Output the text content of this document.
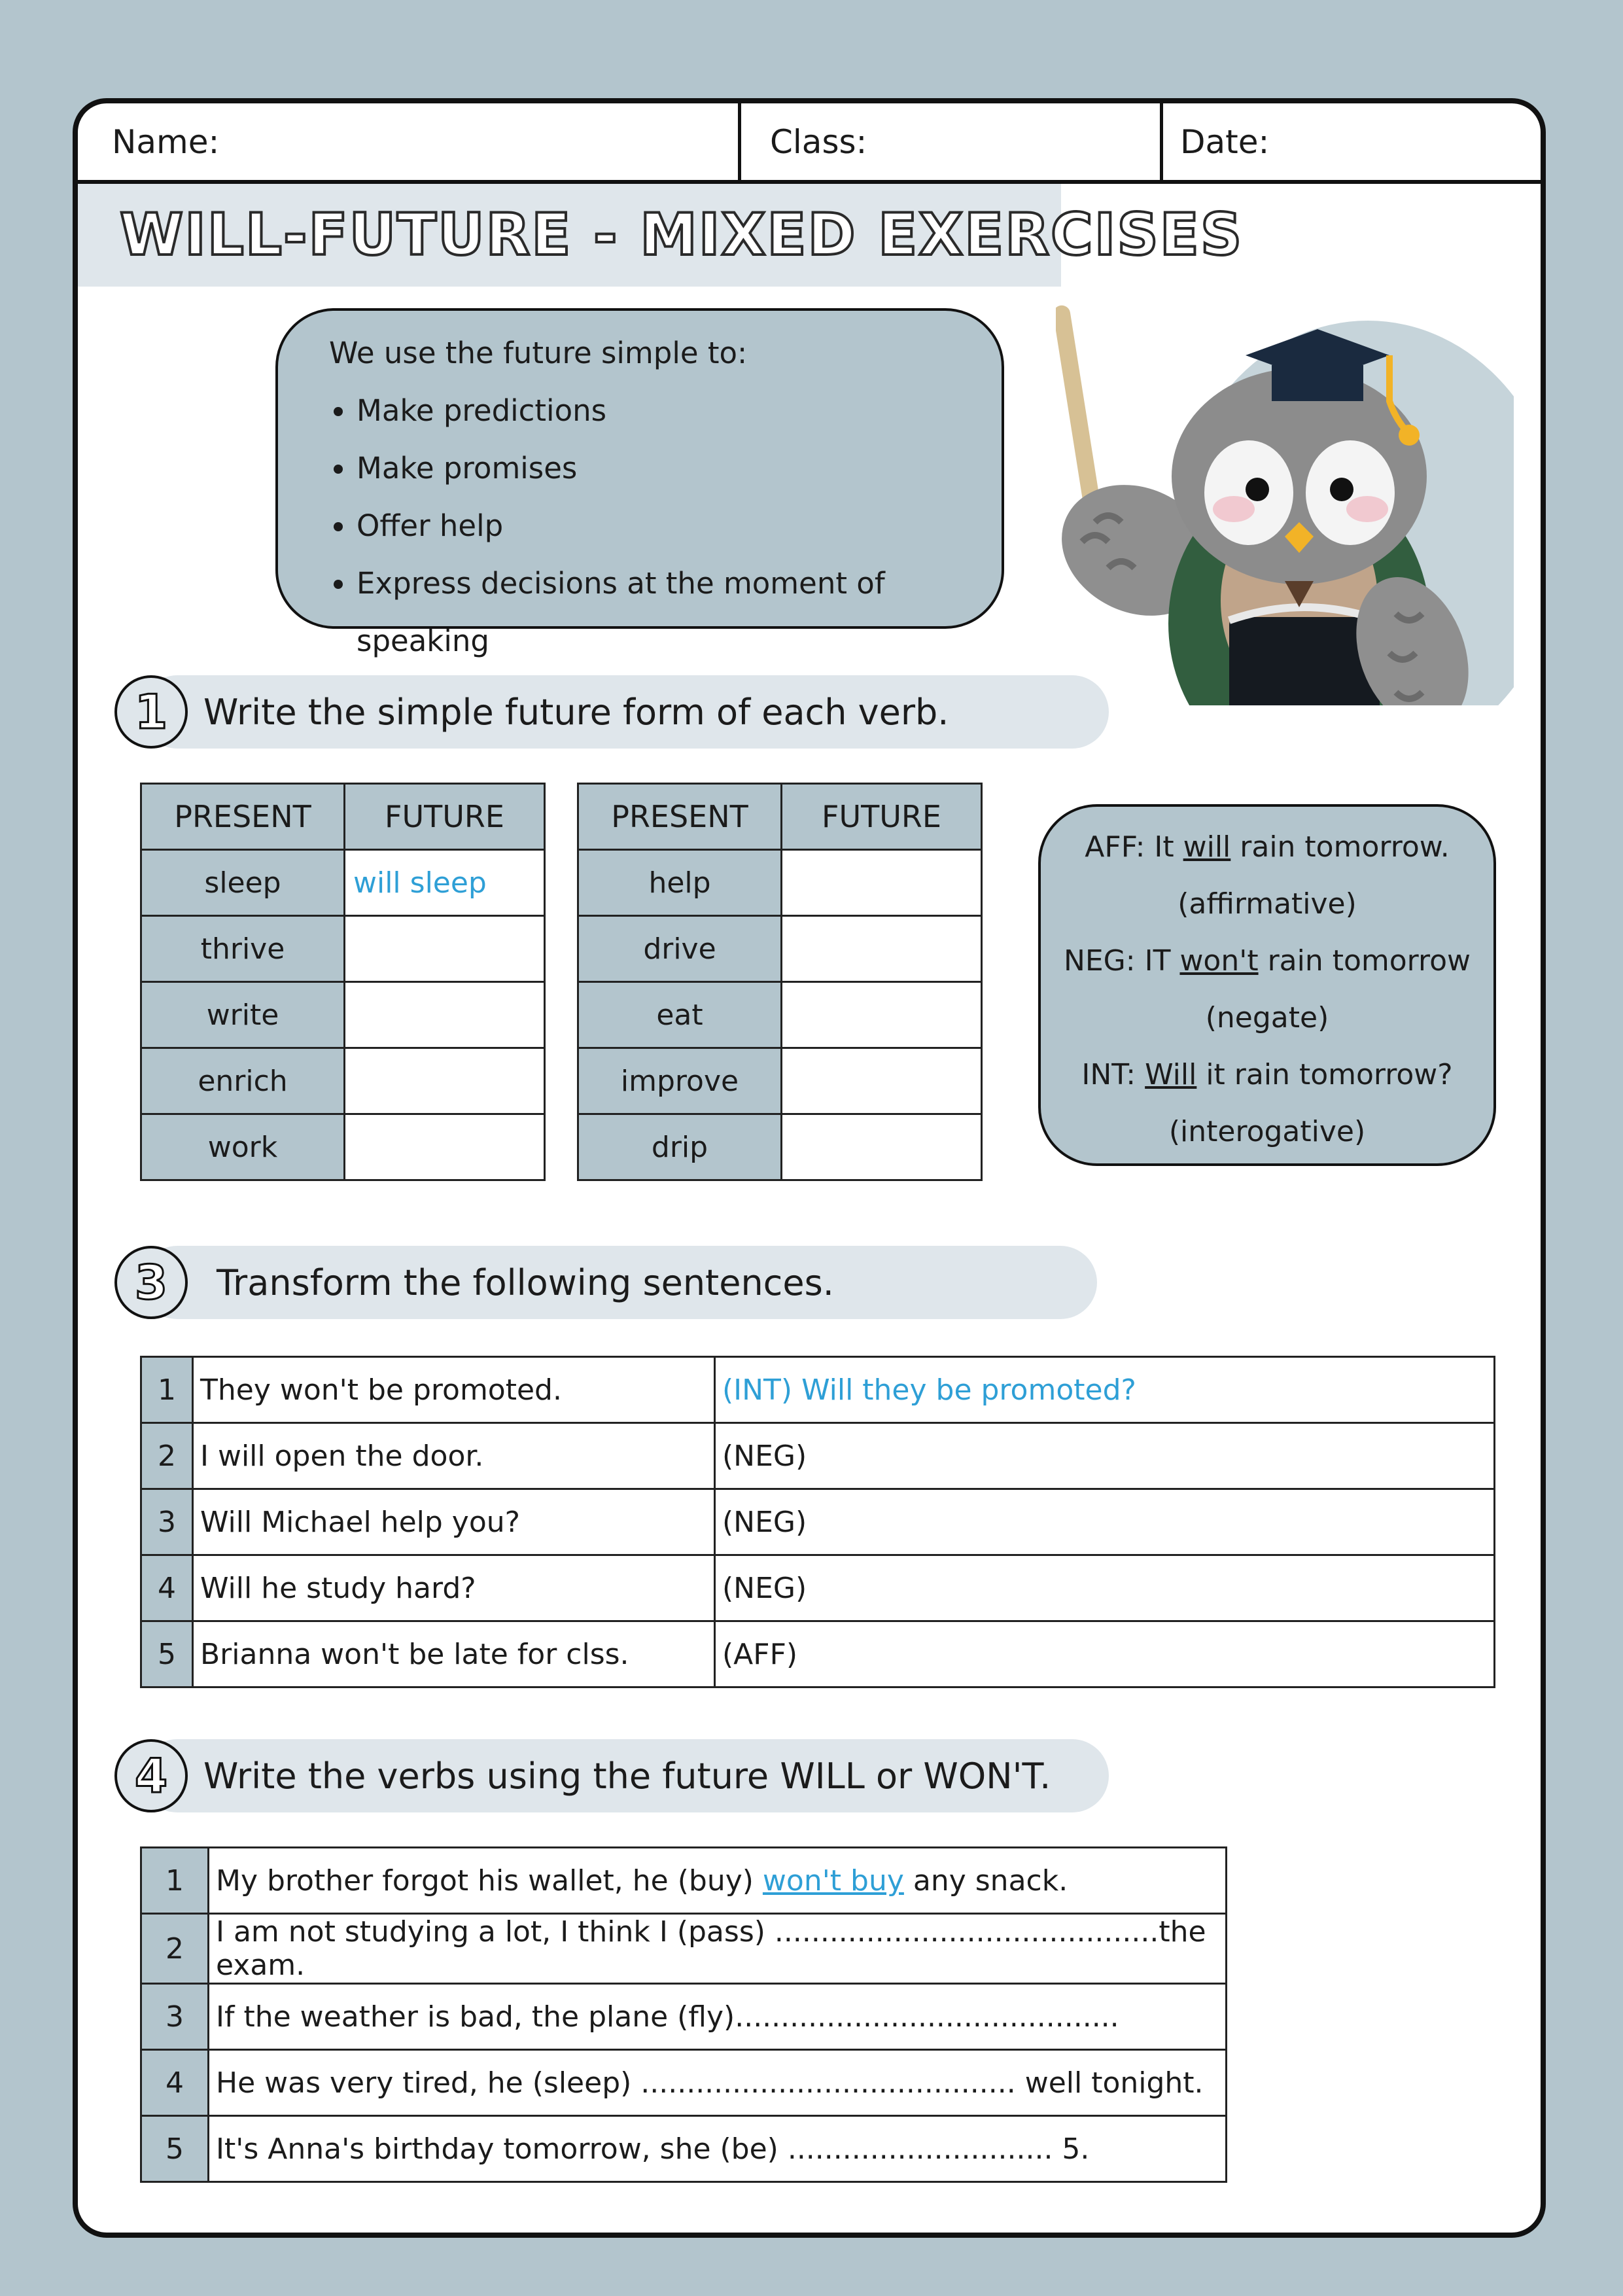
Name:	Class:	Date:
WILL-FUTURE - MIXED EXERCISES
We use the future simple to:
• Make predictions
• Make promises
• Offer help
• Express decisions at the moment of speaking
1	Write the simple future form of each verb.
PRESENT	FUTURE
sleep	will sleep
thrive	
write	
enrich	
work	
PRESENT	FUTURE
help	
drive	
eat	
improve	
drip	
AFF: It will rain tomorrow.
(affirmative)
NEG: IT won't rain tomorrow
(negate)
INT: Will it rain tomorrow?
(interogative)
3	Transform the following sentences.
1	They won't be promoted.	(INT) Will they be promoted?
2	I will open the door.	(NEG)
3	Will Michael help you?	(NEG)
4	Will he study hard?	(NEG)
5	Brianna won't be late for clss.	(AFF)
4	Write the verbs using the future WILL or WON'T.
1	My brother forgot his wallet, he (buy) won't buy any snack.
2	I am not studying a lot, I think I (pass) ..........................................the exam.
3	If the weather is bad, the plane (fly)..........................................
4	He was very tired, he (sleep) ......................................... well tonight.
5	It's Anna's birthday tomorrow, she (be) ............................. 5.
